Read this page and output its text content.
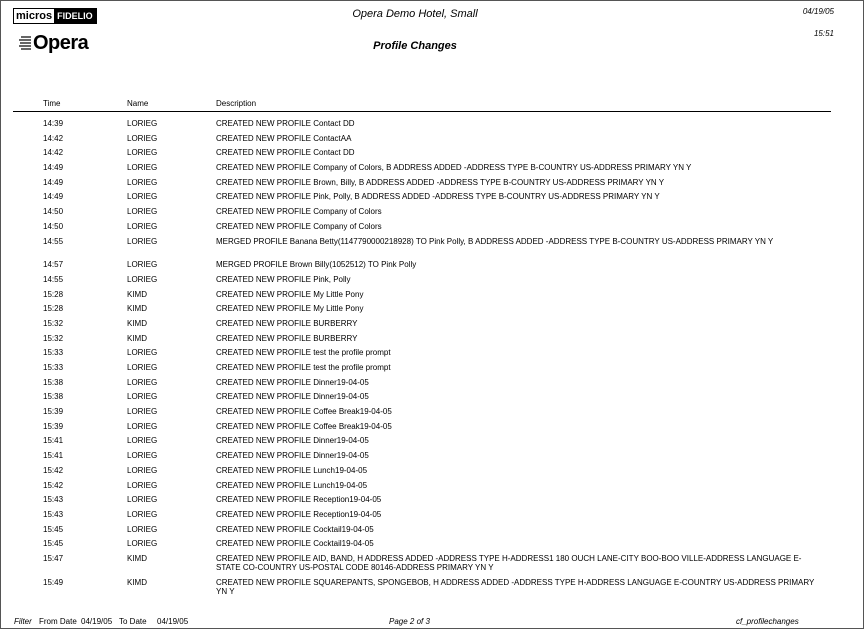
micros FIDELIO
Opera
Opera Demo Hotel, Small
Profile Changes
04/19/05
15:51
Time	Name	Description
14:39	LORIEG	CREATED NEW PROFILE Contact DD
14:42	LORIEG	CREATED NEW PROFILE ContactAA
14:42	LORIEG	CREATED NEW PROFILE Contact DD
14:49	LORIEG	CREATED NEW PROFILE Company of Colors, B ADDRESS ADDED -ADDRESS TYPE B-COUNTRY US-ADDRESS PRIMARY YN Y
14:49	LORIEG	CREATED NEW PROFILE Brown, Billy, B ADDRESS ADDED -ADDRESS TYPE B-COUNTRY US-ADDRESS PRIMARY YN Y
14:49	LORIEG	CREATED NEW PROFILE Pink, Polly, B ADDRESS ADDED -ADDRESS TYPE B-COUNTRY US-ADDRESS PRIMARY YN Y
14:50	LORIEG	CREATED NEW PROFILE Company of Colors
14:50	LORIEG	CREATED NEW PROFILE Company of Colors
14:55	LORIEG	MERGED PROFILE Banana Betty(1147790000218928) TO Pink Polly, B ADDRESS ADDED -ADDRESS TYPE B-COUNTRY US-ADDRESS PRIMARY YN Y
14:57	LORIEG	MERGED PROFILE Brown Billy(1052512) TO Pink Polly
14:55	LORIEG	CREATED NEW PROFILE Pink, Polly
15:28	KIMD	CREATED NEW PROFILE My Little Pony
15:28	KIMD	CREATED NEW PROFILE My Little Pony
15:32	KIMD	CREATED NEW PROFILE BURBERRY
15:32	KIMD	CREATED NEW PROFILE BURBERRY
15:33	LORIEG	CREATED NEW PROFILE test the profile prompt
15:33	LORIEG	CREATED NEW PROFILE test the profile prompt
15:38	LORIEG	CREATED NEW PROFILE Dinner19-04-05
15:38	LORIEG	CREATED NEW PROFILE Dinner19-04-05
15:39	LORIEG	CREATED NEW PROFILE Coffee Break19-04-05
15:39	LORIEG	CREATED NEW PROFILE Coffee Break19-04-05
15:41	LORIEG	CREATED NEW PROFILE Dinner19-04-05
15:41	LORIEG	CREATED NEW PROFILE Dinner19-04-05
15:42	LORIEG	CREATED NEW PROFILE Lunch19-04-05
15:42	LORIEG	CREATED NEW PROFILE Lunch19-04-05
15:43	LORIEG	CREATED NEW PROFILE Reception19-04-05
15:43	LORIEG	CREATED NEW PROFILE Reception19-04-05
15:45	LORIEG	CREATED NEW PROFILE Cocktail19-04-05
15:45	LORIEG	CREATED NEW PROFILE Cocktail19-04-05
15:47	KIMD	CREATED NEW PROFILE AID, BAND, H ADDRESS ADDED -ADDRESS TYPE H-ADDRESS1 180 OUCH LANE-CITY BOO-BOO VILLE-ADDRESS LANGUAGE E-STATE CO-COUNTRY US-POSTAL CODE 80146-ADDRESS PRIMARY YN Y
15:49	KIMD	CREATED NEW PROFILE SQUAREPANTS, SPONGEBOB, H ADDRESS ADDED -ADDRESS TYPE H-ADDRESS LANGUAGE E-COUNTRY US-ADDRESS PRIMARY YN Y
Filter From Date 04/19/05 To Date 04/19/05	Page 2 of 3	cf_profilechanges
